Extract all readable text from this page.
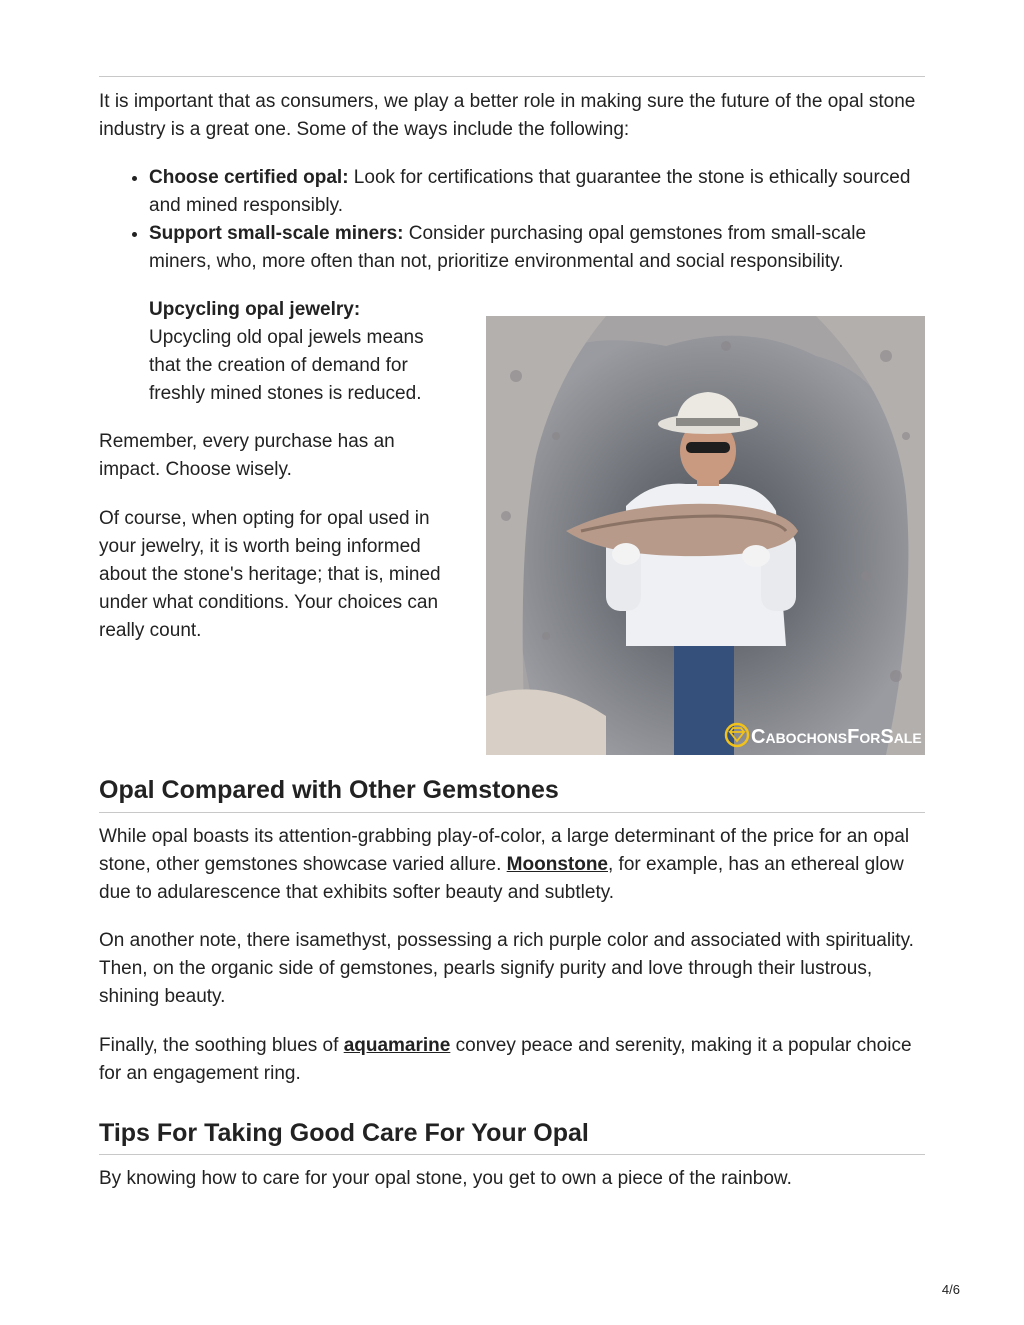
It is important that as consumers, we play a better role in making sure the future of the opal stone industry is a great one. Some of the ways include the following:

• Choose certified opal: Look for certifications that guarantee the stone is ethically sourced and mined responsibly.
• Support small-scale miners: Consider purchasing opal gemstones from small-scale miners, who, more often than not, prioritize environmental and social responsibility.
Upcycling opal jewelry:
Upcycling old opal jewels means that the creation of demand for freshly mined stones is reduced.

Remember, every purchase has an impact. Choose wisely.

Of course, when opting for opal used in your jewelry, it is worth being informed about the stone's heritage; that is, mined under what conditions. Your choices can really count.

CABOCHONSFORSALE
Opal Compared with Other Gemstones

While opal boasts its attention-grabbing play-of-color, a large determinant of the price for an opal stone, other gemstones showcase varied allure. Moonstone, for example, has an ethereal glow due to adularescence that exhibits softer beauty and subtlety.

On another note, there isamethyst, possessing a rich purple color and associated with spirituality. Then, on the organic side of gemstones, pearls signify purity and love through their lustrous, shining beauty.

Finally, the soothing blues of aquamarine convey peace and serenity, making it a popular choice for an engagement ring.

Tips For Taking Good Care For Your Opal

By knowing how to care for your opal stone, you get to own a piece of the rainbow.

4/6
